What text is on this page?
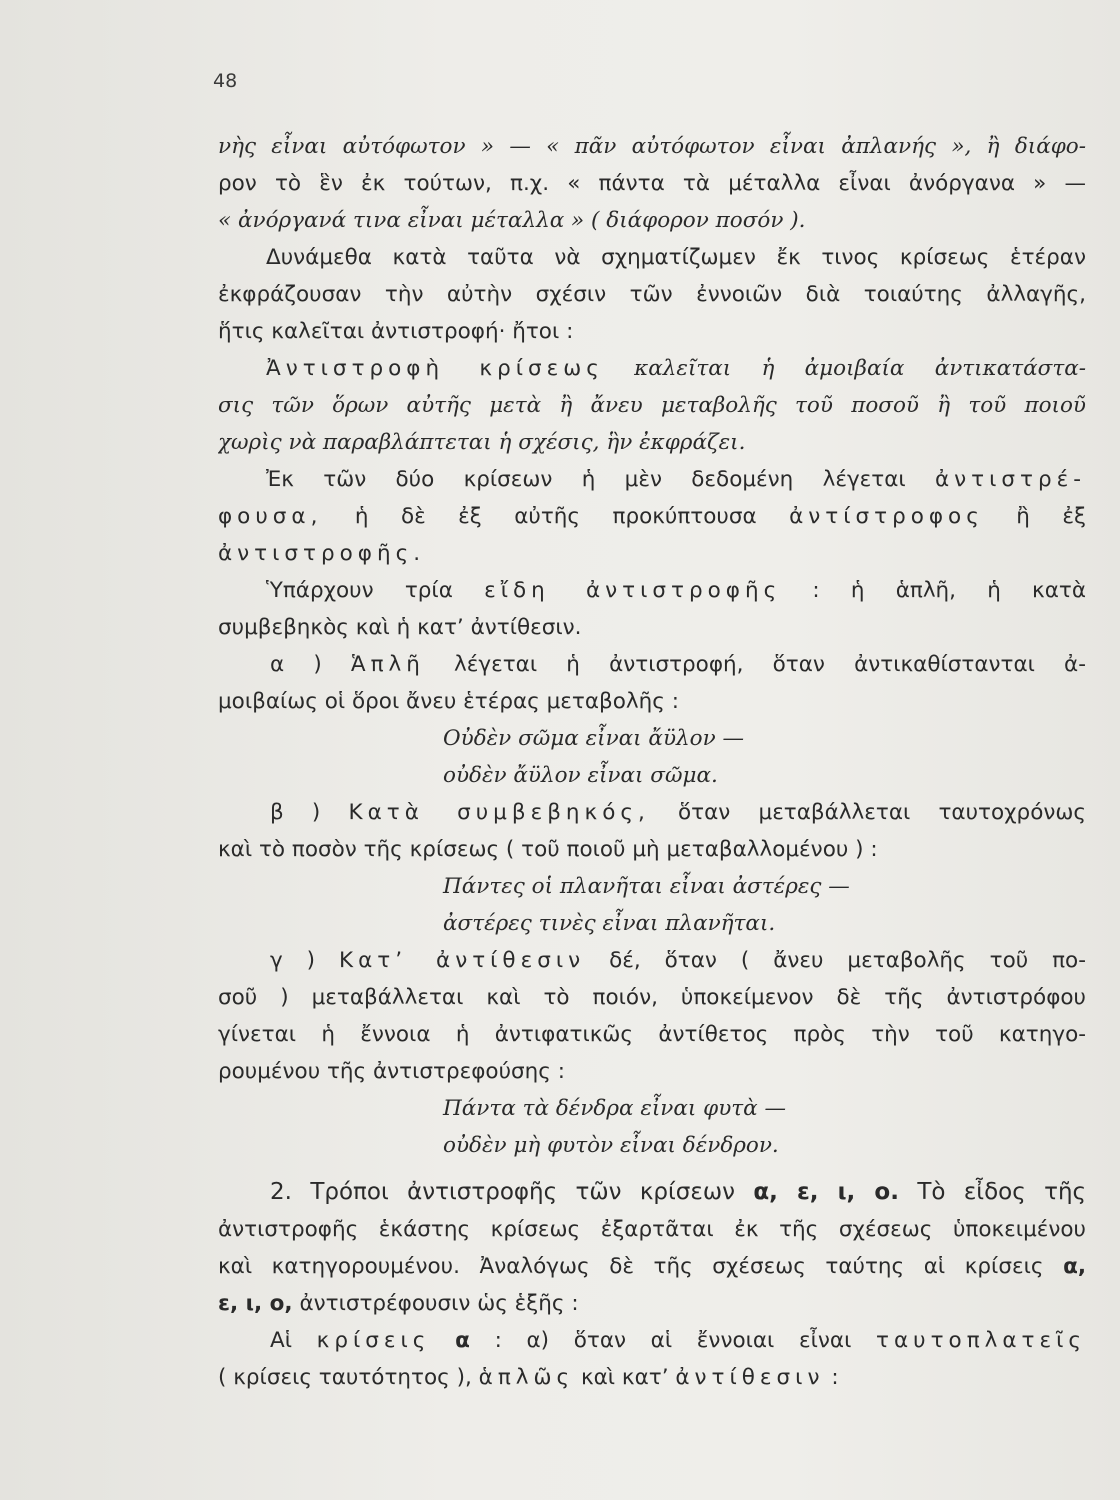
48
νὴς εἶναι αὐτόφωτον » — « πᾶν αὐτόφωτον εἶναι ἀπλανής », ἢ διάφο-
ρον τὸ ἓν ἐκ τούτων, π.χ. « πάντα τὰ μέταλλα εἶναι ἀνόργανα » —
« ἀνόργανά τινα εἶναι μέταλλα » ( διάφορον ποσόν ).
Δυνάμεθα κατὰ ταῦτα νὰ σχηματίζωμεν ἔκ τινος κρίσεως ἑτέραν
ἐκφράζουσαν τὴν αὐτὴν σχέσιν τῶν ἐννοιῶν διὰ τοιαύτης ἀλλαγῆς,
ἥτις καλεῖται ἀντιστροφή· ἤτοι :
Ἀντιστροφὴ κρίσεως καλεῖται ἡ ἀμοιβαία ἀντικατάστα-
σις τῶν ὅρων αὐτῆς μετὰ ἢ ἄνευ μεταβολῆς τοῦ ποσοῦ ἢ τοῦ ποιοῦ
χωρὶς νὰ παραβλάπτεται ἡ σχέσις, ἣν ἐκφράζει.
Ἐκ τῶν δύο κρίσεων ἡ μὲν δεδομένη λέγεται ἀντιστρέ-
φουσα, ἡ δὲ ἐξ αὐτῆς προκύπτουσα ἀντίστροφος ἢ ἐξ
ἀντιστροφῆς.
Ὑπάρχουν τρία εἴδη ἀντιστροφῆς : ἡ ἁπλῆ, ἡ κατὰ
συμβεβηκὸς καὶ ἡ κατ’ ἀντίθεσιν.
α ) Ἁπλῆ λέγεται ἡ ἀντιστροφή, ὅταν ἀντικαθίστανται ἀ-
μοιβαίως οἱ ὅροι ἄνευ ἑτέρας μεταβολῆς :
Οὐδὲν σῶμα εἶναι ἄϋλον —
οὐδὲν ἄϋλον εἶναι σῶμα.
β ) Κατὰ συμβεβηκός, ὅταν μεταβάλλεται ταυτοχρόνως
καὶ τὸ ποσὸν τῆς κρίσεως ( τοῦ ποιοῦ μὴ μεταβαλλομένου ) :
Πάντες οἱ πλανῆται εἶναι ἀστέρες —
ἀστέρες τινὲς εἶναι πλανῆται.
γ ) Κατ’ ἀντίθεσιν δέ, ὅταν ( ἄνευ μεταβολῆς τοῦ πο-
σοῦ ) μεταβάλλεται καὶ τὸ ποιόν, ὑποκείμενον δὲ τῆς ἀντιστρόφου
γίνεται ἡ ἔννοια ἡ ἀντιφατικῶς ἀντίθετος πρὸς τὴν τοῦ κατηγο-
ρουμένου τῆς ἀντιστρεφούσης :
Πάντα τὰ δένδρα εἶναι φυτὰ —
οὐδὲν μὴ φυτὸν εἶναι δένδρον.
2. Τρόποι ἀντιστροφῆς τῶν κρίσεων α, ε, ι, ο. Τὸ εἶδος τῆς
ἀντιστροφῆς ἑκάστης κρίσεως ἐξαρτᾶται ἐκ τῆς σχέσεως ὑποκειμένου
καὶ κατηγορουμένου. Ἀναλόγως δὲ τῆς σχέσεως ταύτης αἱ κρίσεις α,
ε, ι, ο, ἀντιστρέφουσιν ὡς ἑξῆς :
Αἱ κρίσεις α : α) ὅταν αἱ ἔννοιαι εἶναι ταυτοπλατεῖς
( κρίσεις ταυτότητος ), ἁπλῶς καὶ κατ’ ἀντίθεσιν :
